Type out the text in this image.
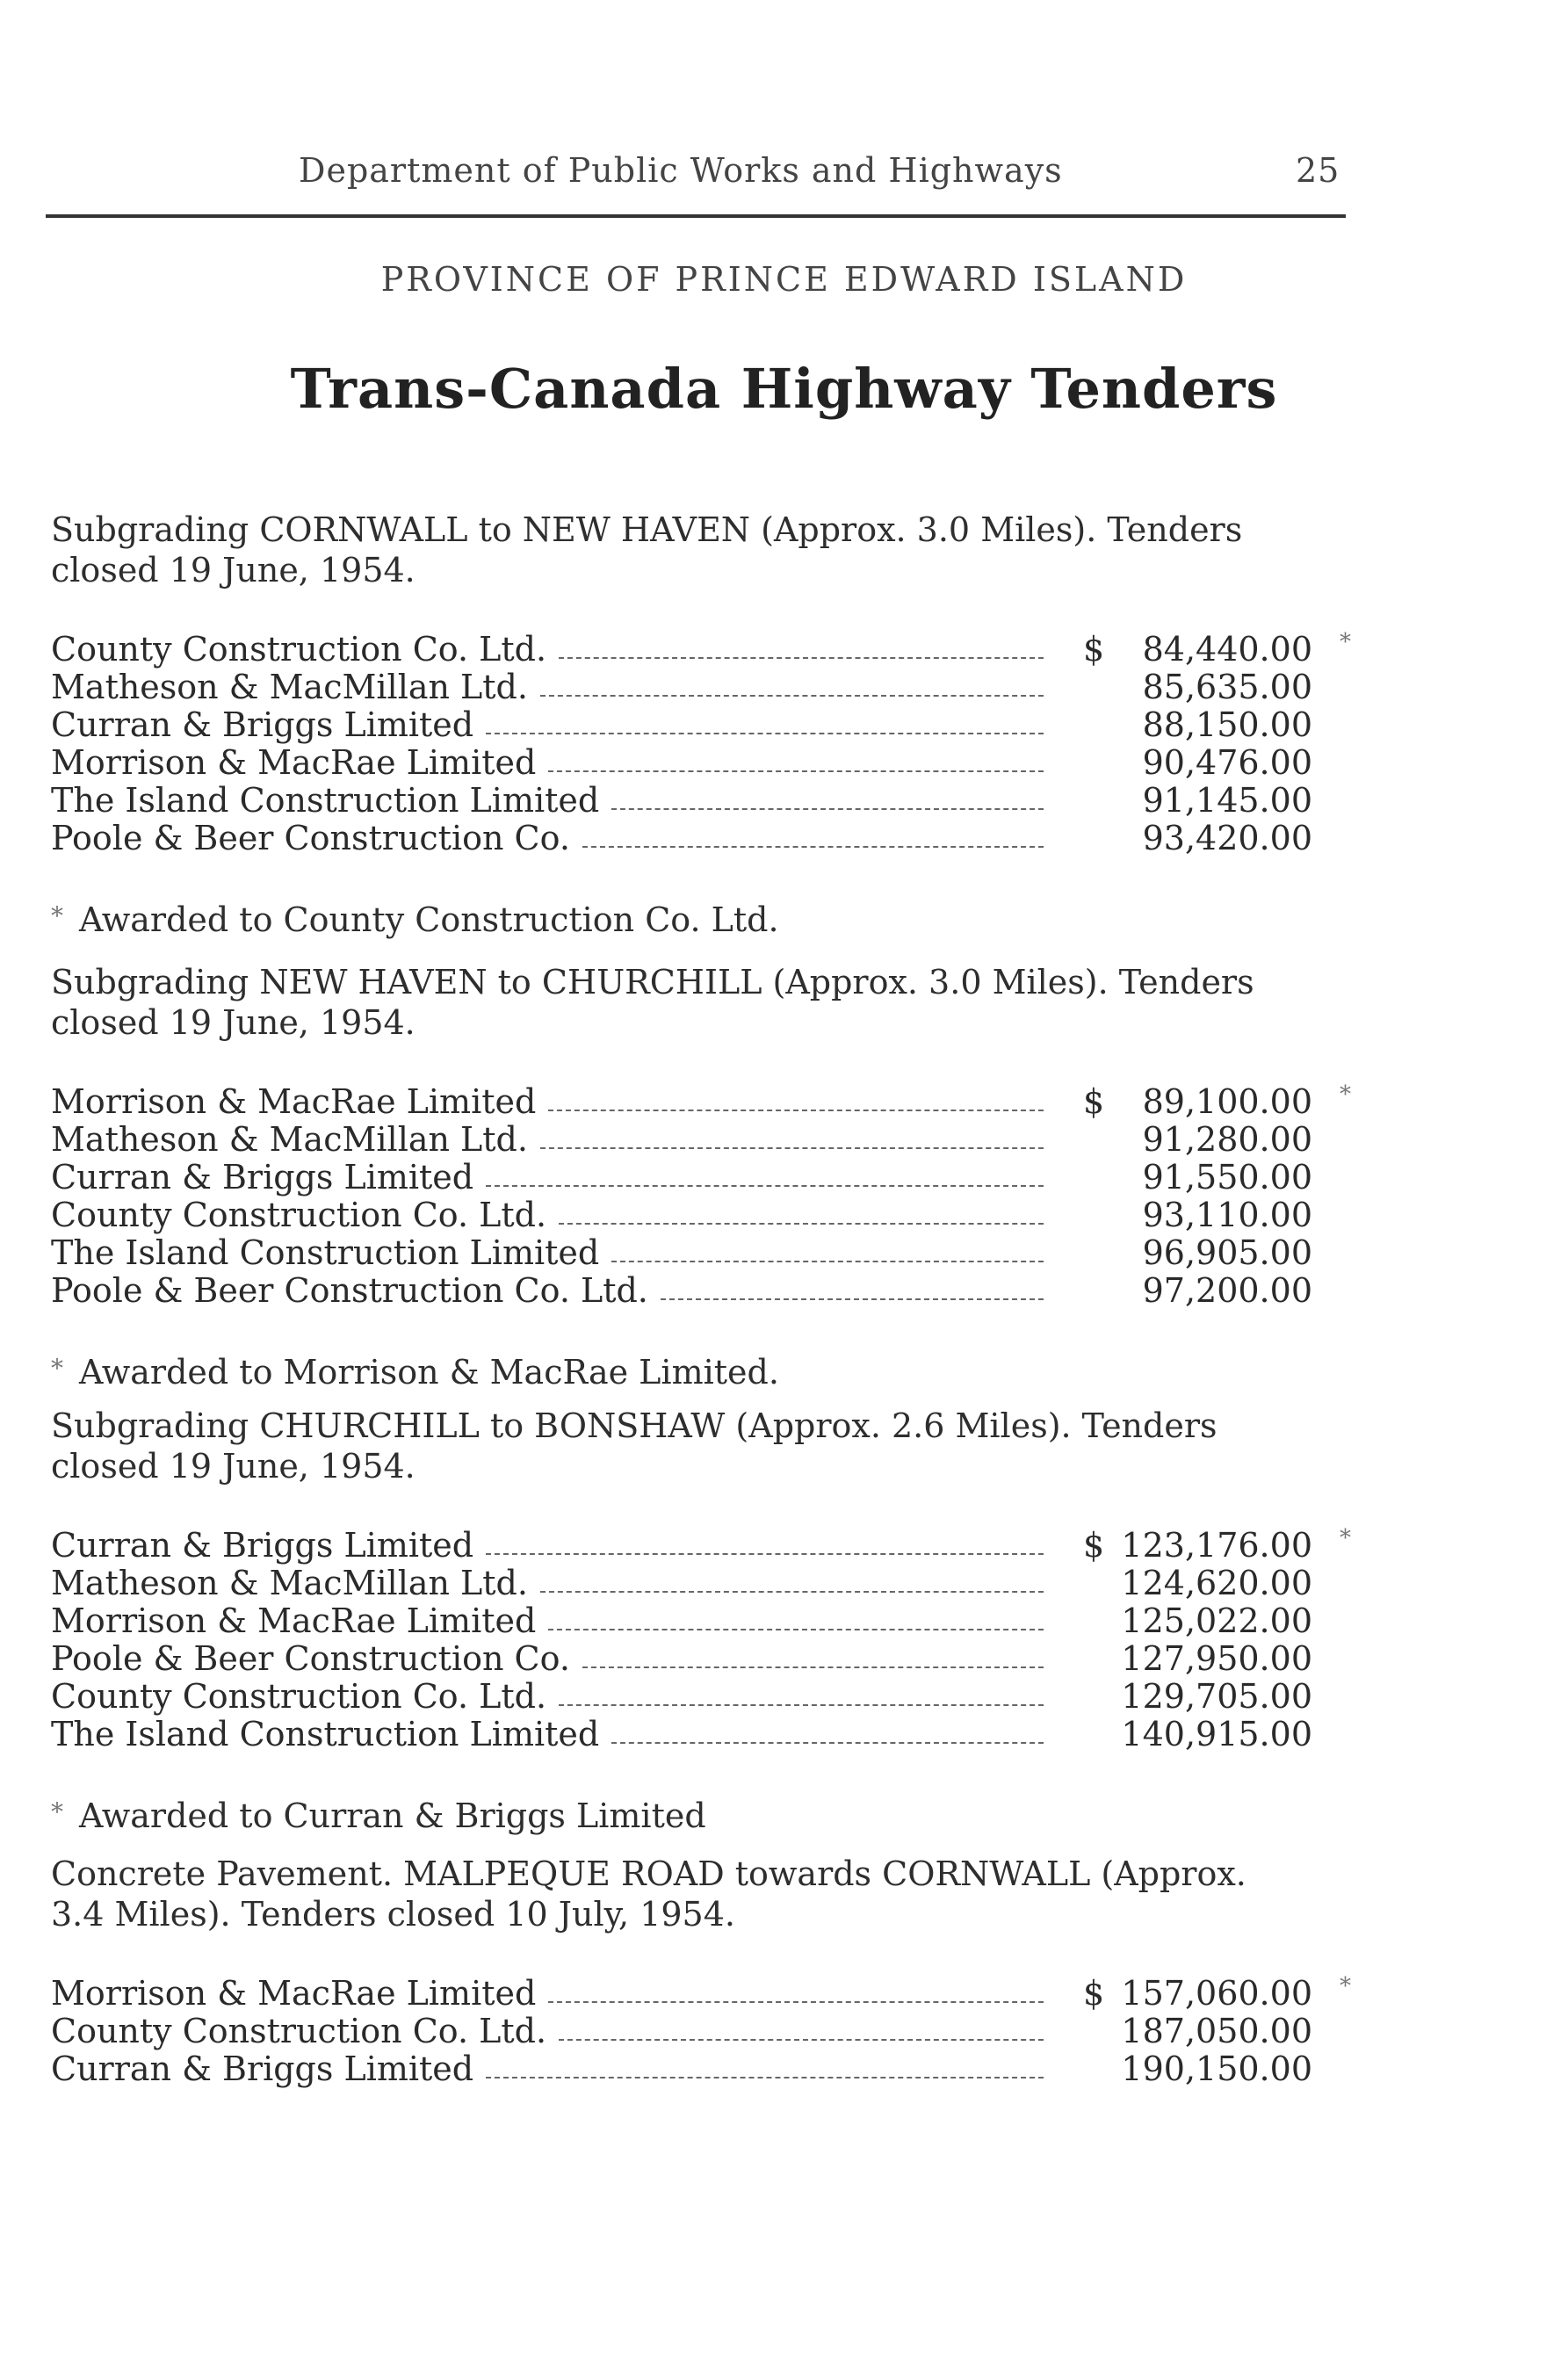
Department of Public Works and Highways	25
PROVINCE OF PRINCE EDWARD ISLAND
Trans-Canada Highway Tenders
Subgrading CORNWALL to NEW HAVEN (Approx. 3.0 Miles). Tenders
closed 19 June, 1954.
County Construction Co. Ltd.	$ 84,440.00 *
Matheson & MacMillan Ltd.	85,635.00
Curran & Briggs Limited	88,150.00
Morrison & MacRae Limited	90,476.00
The Island Construction Limited	91,145.00
Poole & Beer Construction Co.	93,420.00
* Awarded to County Construction Co. Ltd.
Subgrading NEW HAVEN to CHURCHILL (Approx. 3.0 Miles). Tenders
closed 19 June, 1954.
Morrison & MacRae Limited	$ 89,100.00 *
Matheson & MacMillan Ltd.	91,280.00
Curran & Briggs Limited	91,550.00
County Construction Co. Ltd.	93,110.00
The Island Construction Limited	96,905.00
Poole & Beer Construction Co. Ltd.	97,200.00
* Awarded to Morrison & MacRae Limited.
Subgrading CHURCHILL to BONSHAW (Approx. 2.6 Miles). Tenders
closed 19 June, 1954.
Curran & Briggs Limited	$ 123,176.00 *
Matheson & MacMillan Ltd.	124,620.00
Morrison & MacRae Limited	125,022.00
Poole & Beer Construction Co.	127,950.00
County Construction Co. Ltd.	129,705.00
The Island Construction Limited	140,915.00
* Awarded to Curran & Briggs Limited
Concrete Pavement. MALPEQUE ROAD towards CORNWALL (Approx.
3.4 Miles). Tenders closed 10 July, 1954.
Morrison & MacRae Limited	$ 157,060.00 *
County Construction Co. Ltd.	187,050.00
Curran & Briggs Limited	190,150.00
